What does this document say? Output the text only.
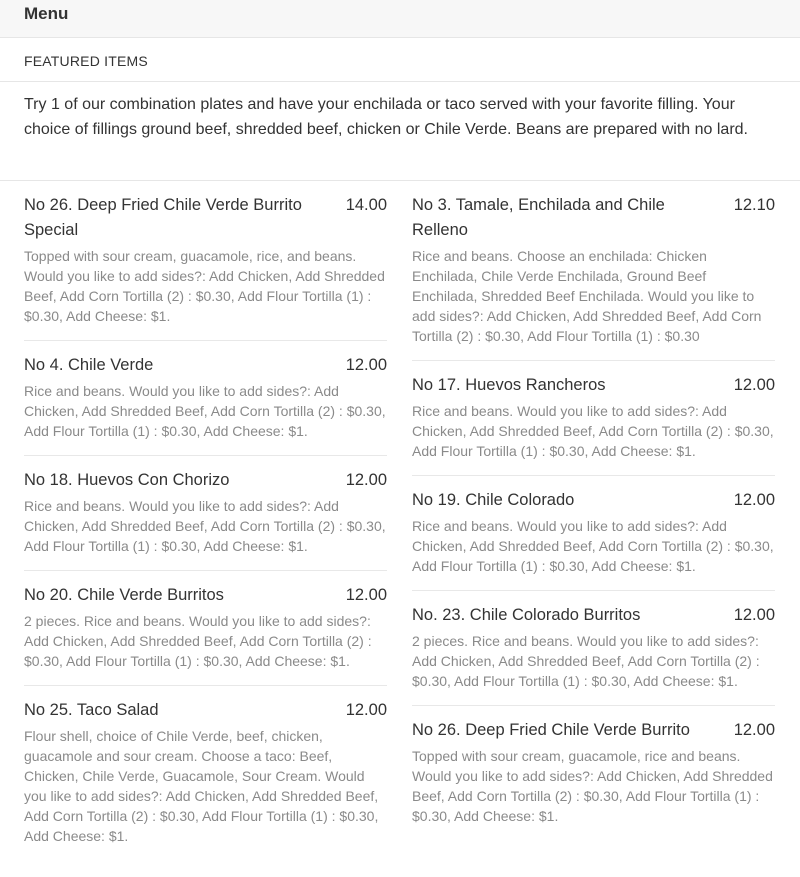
Menu
FEATURED ITEMS
Try 1 of our combination plates and have your enchilada or taco served with your favorite filling. Your choice of fillings ground beef, shredded beef, chicken or Chile Verde. Beans are prepared with no lard.
No 26. Deep Fried Chile Verde Burrito Special
14.00
Topped with sour cream, guacamole, rice, and beans. Would you like to add sides?: Add Chicken, Add Shredded Beef, Add Corn Tortilla (2) : $0.30, Add Flour Tortilla (1) : $0.30, Add Cheese: $1.
No 4. Chile Verde	12.00
Rice and beans. Would you like to add sides?: Add Chicken, Add Shredded Beef, Add Corn Tortilla (2) : $0.30, Add Flour Tortilla (1) : $0.30, Add Cheese: $1.
No 18. Huevos Con Chorizo	12.00
Rice and beans. Would you like to add sides?: Add Chicken, Add Shredded Beef, Add Corn Tortilla (2) : $0.30, Add Flour Tortilla (1) : $0.30, Add Cheese: $1.
No 20. Chile Verde Burritos	12.00
2 pieces. Rice and beans. Would you like to add sides?: Add Chicken, Add Shredded Beef, Add Corn Tortilla (2) : $0.30, Add Flour Tortilla (1) : $0.30, Add Cheese: $1.
No 25. Taco Salad	12.00
Flour shell, choice of Chile Verde, beef, chicken, guacamole and sour cream. Choose a taco: Beef, Chicken, Chile Verde, Guacamole, Sour Cream. Would you like to add sides?: Add Chicken, Add Shredded Beef, Add Corn Tortilla (2) : $0.30, Add Flour Tortilla (1) : $0.30, Add Cheese: $1.
No 3. Tamale, Enchilada and Chile Relleno
12.10
Rice and beans. Choose an enchilada: Chicken Enchilada, Chile Verde Enchilada, Ground Beef Enchilada, Shredded Beef Enchilada. Would you like to add sides?: Add Chicken, Add Shredded Beef, Add Corn Tortilla (2) : $0.30, Add Flour Tortilla (1) : $0.30
No 17. Huevos Rancheros	12.00
Rice and beans. Would you like to add sides?: Add Chicken, Add Shredded Beef, Add Corn Tortilla (2) : $0.30, Add Flour Tortilla (1) : $0.30, Add Cheese: $1.
No 19. Chile Colorado	12.00
Rice and beans. Would you like to add sides?: Add Chicken, Add Shredded Beef, Add Corn Tortilla (2) : $0.30, Add Flour Tortilla (1) : $0.30, Add Cheese: $1.
No. 23. Chile Colorado Burritos	12.00
2 pieces. Rice and beans. Would you like to add sides?: Add Chicken, Add Shredded Beef, Add Corn Tortilla (2) : $0.30, Add Flour Tortilla (1) : $0.30, Add Cheese: $1.
No 26. Deep Fried Chile Verde Burrito	12.00
Topped with sour cream, guacamole, rice and beans. Would you like to add sides?: Add Chicken, Add Shredded Beef, Add Corn Tortilla (2) : $0.30, Add Flour Tortilla (1) : $0.30, Add Cheese: $1.
